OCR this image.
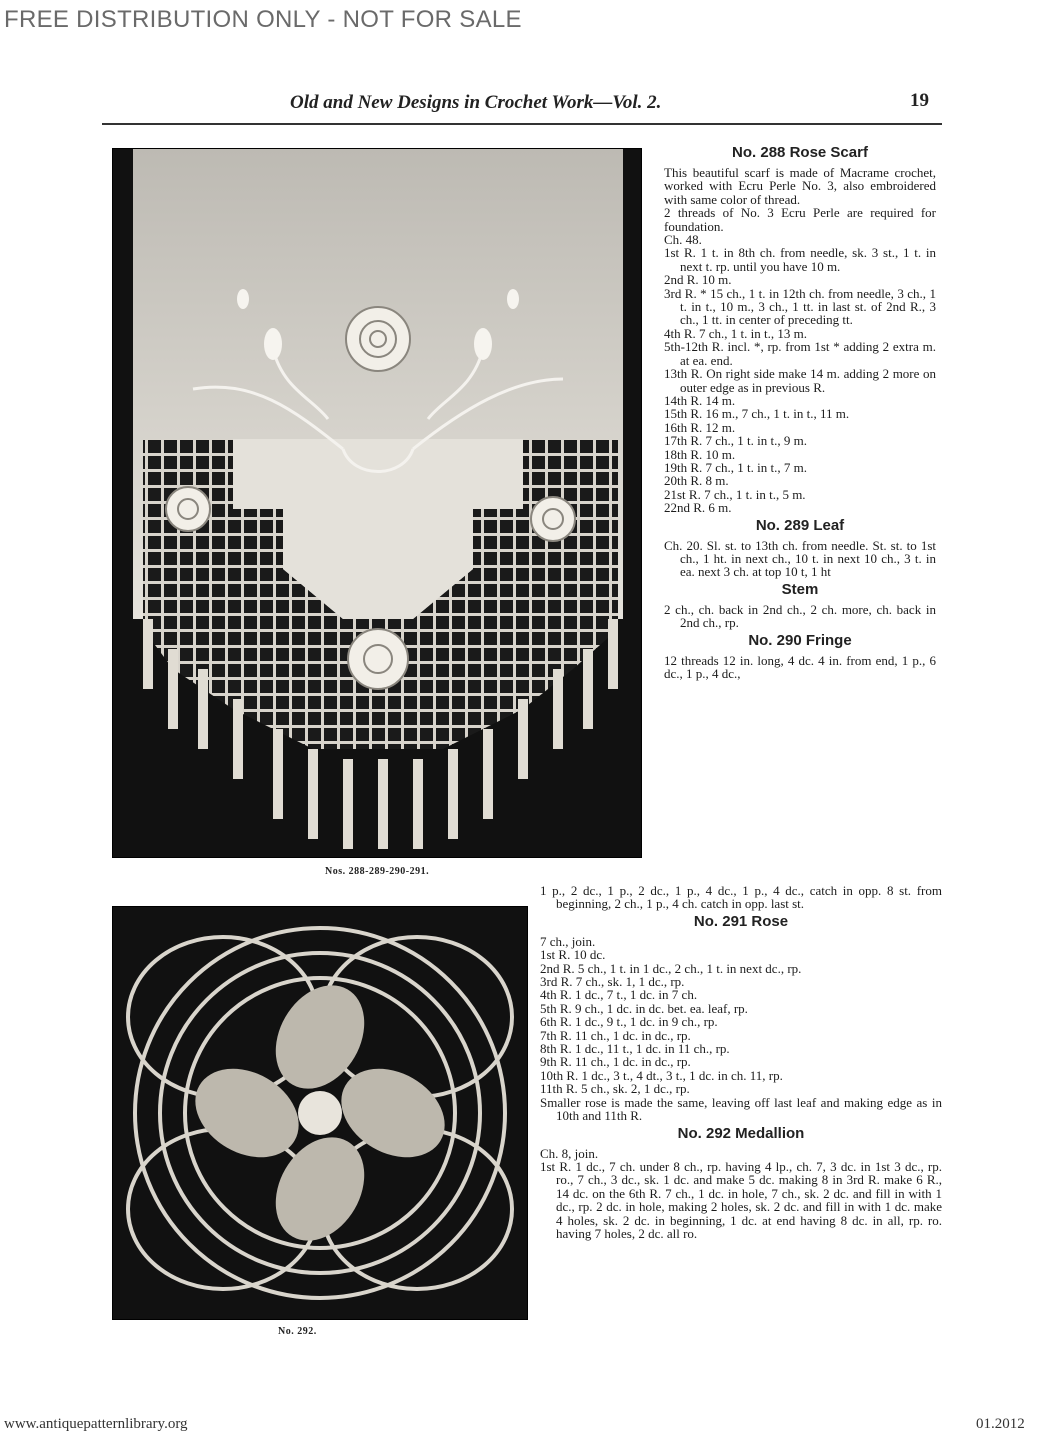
FREE DISTRIBUTION ONLY - NOT FOR SALE
Old and New Designs in Crochet Work—Vol. 2.	19
Nos. 288-289-290-291.
No. 292.
No. 288 Rose Scarf

This beautiful scarf is made of Macrame crochet, worked with Ecru Perle No. 3, also embroidered with same color of thread.

2 threads of No. 3 Ecru Perle are required for foundation.

Ch. 48.

1st R. 1 t. in 8th ch. from needle, sk. 3 st., 1 t. in next t. rp. until you have 10 m.

2nd R. 10 m.

3rd R. * 15 ch., 1 t. in 12th ch. from needle, 3 ch., 1 t. in t., 10 m., 3 ch., 1 tt. in last st. of 2nd R., 3 ch., 1 tt. in center of preceding tt.

4th R. 7 ch., 1 t. in t., 13 m.

5th-12th R. incl. *, rp. from 1st * adding 2 extra m. at ea. end.

13th R. On right side make 14 m. adding 2 more on outer edge as in previous R.

14th R. 14 m.

15th R. 16 m., 7 ch., 1 t. in t., 11 m.

16th R. 12 m.

17th R. 7 ch., 1 t. in t., 9 m.

18th R. 10 m.

19th R. 7 ch., 1 t. in t., 7 m.

20th R. 8 m.

21st R. 7 ch., 1 t. in t., 5 m.

22nd R. 6 m.

No. 289 Leaf

Ch. 20. Sl. st. to 13th ch. from needle. St. st. to 1st ch., 1 ht. in next ch., 10 t. in next 10 ch., 3 t. in ea. next 3 ch. at top 10 t, 1 ht

Stem

2 ch., ch. back in 2nd ch., 2 ch. more, ch. back in 2nd ch., rp.

No. 290 Fringe

12 threads 12 in. long, 4 dc. 4 in. from end, 1 p., 6 dc., 1 p., 4 dc.,

1 p., 2 dc., 1 p., 2 dc., 1 p., 4 dc., 1 p., 4 dc., catch in opp. 8 st. from beginning, 2 ch., 1 p., 4 ch. catch in opp. last st.

No. 291 Rose

7 ch., join.

1st R. 10 dc.

2nd R. 5 ch., 1 t. in 1 dc., 2 ch., 1 t. in next dc., rp.

3rd R. 7 ch., sk. 1, 1 dc., rp.

4th R. 1 dc., 7 t., 1 dc. in 7 ch.

5th R. 9 ch., 1 dc. in dc. bet. ea. leaf, rp.

6th R. 1 dc., 9 t., 1 dc. in 9 ch., rp.

7th R. 11 ch., 1 dc. in dc., rp.

8th R. 1 dc., 11 t., 1 dc. in 11 ch., rp.

9th R. 11 ch., 1 dc. in dc., rp.

10th R. 1 dc., 3 t., 4 dt., 3 t., 1 dc. in ch. 11, rp.

11th R. 5 ch., sk. 2, 1 dc., rp.

Smaller rose is made the same, leaving off last leaf and making edge as in 10th and 11th R.

No. 292 Medallion

Ch. 8, join.

1st R. 1 dc., 7 ch. under 8 ch., rp. having 4 lp., ch. 7, 3 dc. in 1st 3 dc., rp. ro., 7 ch., 3 dc., sk. 1 dc. and make 5 dc. making 8 in 3rd R. make 6 R., 14 dc. on the 6th R. 7 ch., 1 dc. in hole, 7 ch., sk. 2 dc. and fill in with 1 dc., rp. 2 dc. in hole, making 2 holes, sk. 2 dc. and fill in with 1 dc. make 4 holes, sk. 2 dc. in beginning, 1 dc. at end having 8 dc. in all, rp. ro. having 7 holes, 2 dc. all ro.

www.antiquepatternlibrary.org	01.2012
